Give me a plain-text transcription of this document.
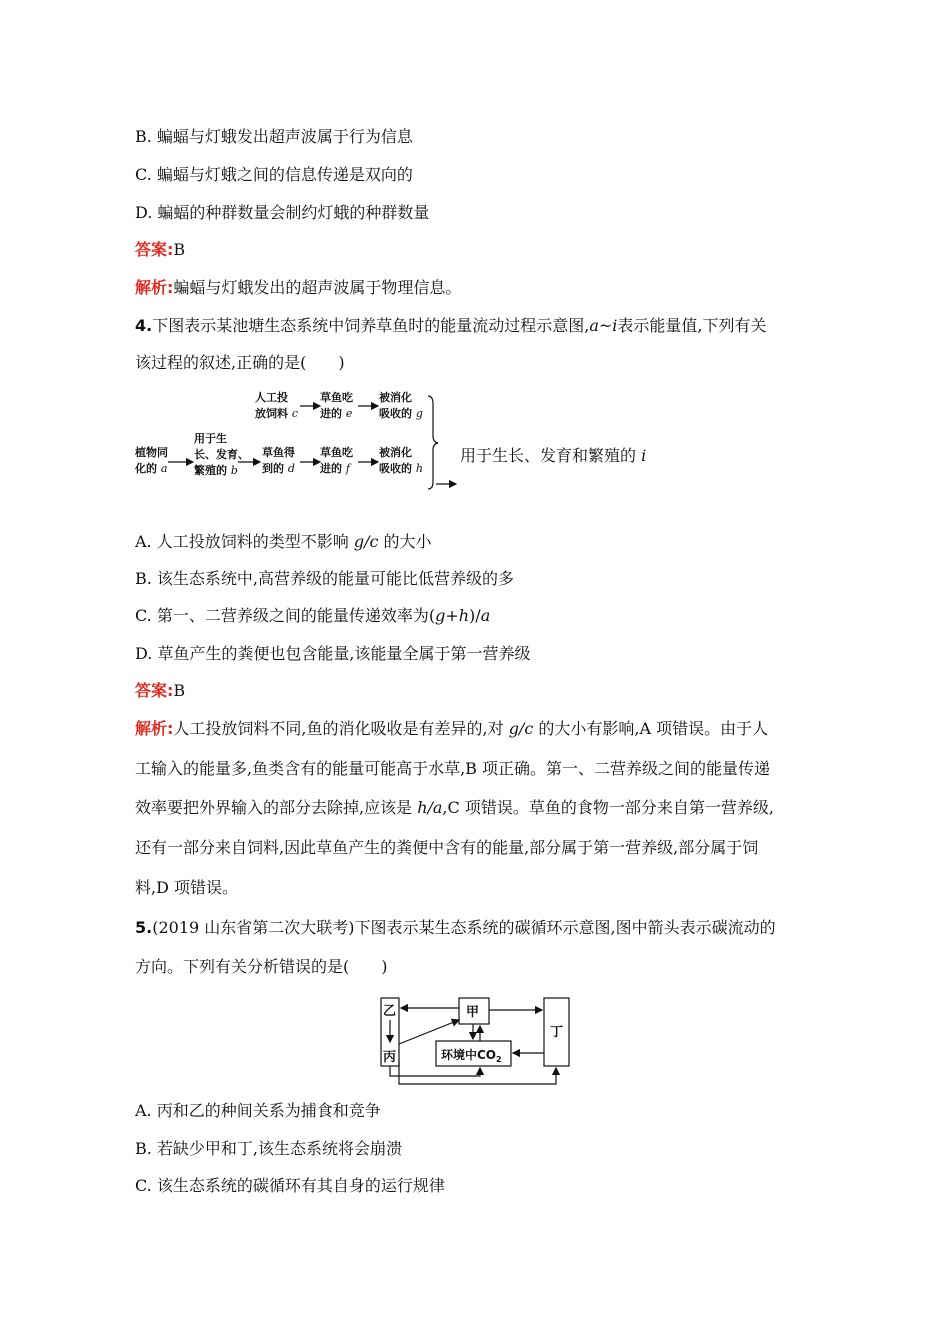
B. 蝙蝠与灯蛾发出超声波属于行为信息
C. 蝙蝠与灯蛾之间的信息传递是双向的
D. 蝙蝠的种群数量会制约灯蛾的种群数量
答案:B
解析:蝙蝠与灯蛾发出的超声波属于物理信息。
4.下图表示某池塘生态系统中饲养草鱼时的能量流动过程示意图,a~i表示能量值,下列有关
该过程的叙述,正确的是(　　)
植物同
化的 a
用于生
长、发育、
繁殖的 b
人工投
放饲料 c
草鱼吃
进的 e
被消化
吸收的 g
草鱼得
到的 d
草鱼吃
进的 f
被消化
吸收的 h
用于生长、发育和繁殖的 i
A. 人工投放饲料的类型不影响 g/c 的大小
B. 该生态系统中,高营养级的能量可能比低营养级的多
C. 第一、二营养级之间的能量传递效率为(g+h)/a
D. 草鱼产生的粪便也包含能量,该能量全属于第一营养级
答案:B
解析:人工投放饲料不同,鱼的消化吸收是有差异的,对 g/c 的大小有影响,A 项错误。由于人
工输入的能量多,鱼类含有的能量可能高于水草,B 项正确。第一、二营养级之间的能量传递
效率要把外界输入的部分去除掉,应该是 h/a,C 项错误。草鱼的食物一部分来自第一营养级,
还有一部分来自饲料,因此草鱼产生的粪便中含有的能量,部分属于第一营养级,部分属于饲
料,D 项错误。
5.(2019 山东省第二次大联考)下图表示某生态系统的碳循环示意图,图中箭头表示碳流动的
方向。下列有关分析错误的是(　　)
乙	甲
丁
丙	环境中$CO_2$
A. 丙和乙的种间关系为捕食和竞争
B. 若缺少甲和丁,该生态系统将会崩溃
C. 该生态系统的碳循环有其自身的运行规律
